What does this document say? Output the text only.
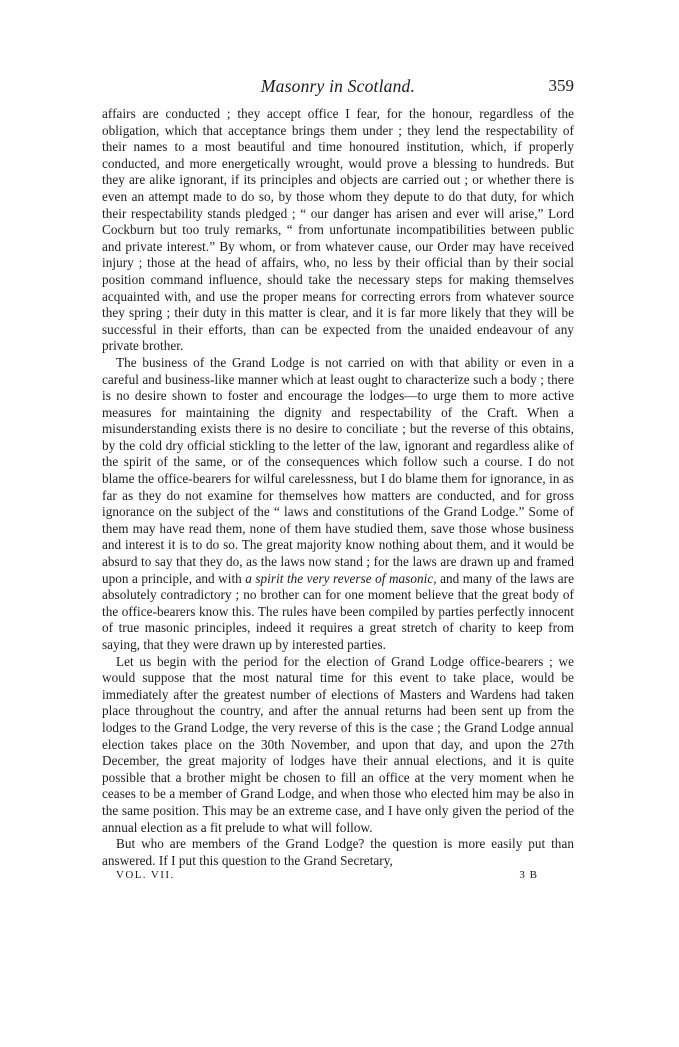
Masonry in Scotland.	359

affairs are conducted ; they accept office I fear, for the honour, regardless of the obligation, which that acceptance brings them under ; they lend the respectability of their names to a most beautiful and time honoured institution, which, if properly conducted, and more energetically wrought, would prove a blessing to hundreds. But they are alike ignorant, if its principles and objects are carried out ; or whether there is even an attempt made to do so, by those whom they depute to do that duty, for which their respectability stands pledged ; “ our danger has arisen and ever will arise,” Lord Cockburn but too truly remarks, “ from unfortunate incompatibilities between public and private interest.” By whom, or from whatever cause, our Order may have received injury ; those at the head of affairs, who, no less by their official than by their social position command influence, should take the necessary steps for making themselves acquainted with, and use the proper means for correcting errors from whatever source they spring ; their duty in this matter is clear, and it is far more likely that they will be successful in their efforts, than can be expected from the unaided endeavour of any private brother.

The business of the Grand Lodge is not carried on with that ability or even in a careful and business-like manner which at least ought to characterize such a body ; there is no desire shown to foster and encourage the lodges—to urge them to more active measures for maintaining the dignity and respectability of the Craft. When a misunderstanding exists there is no desire to conciliate ; but the reverse of this obtains, by the cold dry official stickling to the letter of the law, ignorant and regardless alike of the spirit of the same, or of the consequences which follow such a course. I do not blame the office-bearers for wilful carelessness, but I do blame them for ignorance, in as far as they do not examine for themselves how matters are conducted, and for gross ignorance on the subject of the “ laws and constitutions of the Grand Lodge.” Some of them may have read them, none of them have studied them, save those whose business and interest it is to do so. The great majority know nothing about them, and it would be absurd to say that they do, as the laws now stand ; for the laws are drawn up and framed upon a principle, and with a spirit the very reverse of masonic, and many of the laws are absolutely contradictory ; no brother can for one moment believe that the great body of the office-bearers know this. The rules have been compiled by parties perfectly innocent of true masonic principles, indeed it requires a great stretch of charity to keep from saying, that they were drawn up by interested parties.

Let us begin with the period for the election of Grand Lodge office-bearers ; we would suppose that the most natural time for this event to take place, would be immediately after the greatest number of elections of Masters and Wardens had taken place throughout the country, and after the annual returns had been sent up from the lodges to the Grand Lodge, the very reverse of this is the case ; the Grand Lodge annual election takes place on the 30th November, and upon that day, and upon the 27th December, the great majority of lodges have their annual elections, and it is quite possible that a brother might be chosen to fill an office at the very moment when he ceases to be a member of Grand Lodge, and when those who elected him may be also in the same position. This may be an extreme case, and I have only given the period of the annual election as a fit prelude to what will follow.

But who are members of the Grand Lodge? the question is more easily put than answered. If I put this question to the Grand Secretary,

VOL. VII.	3 B
